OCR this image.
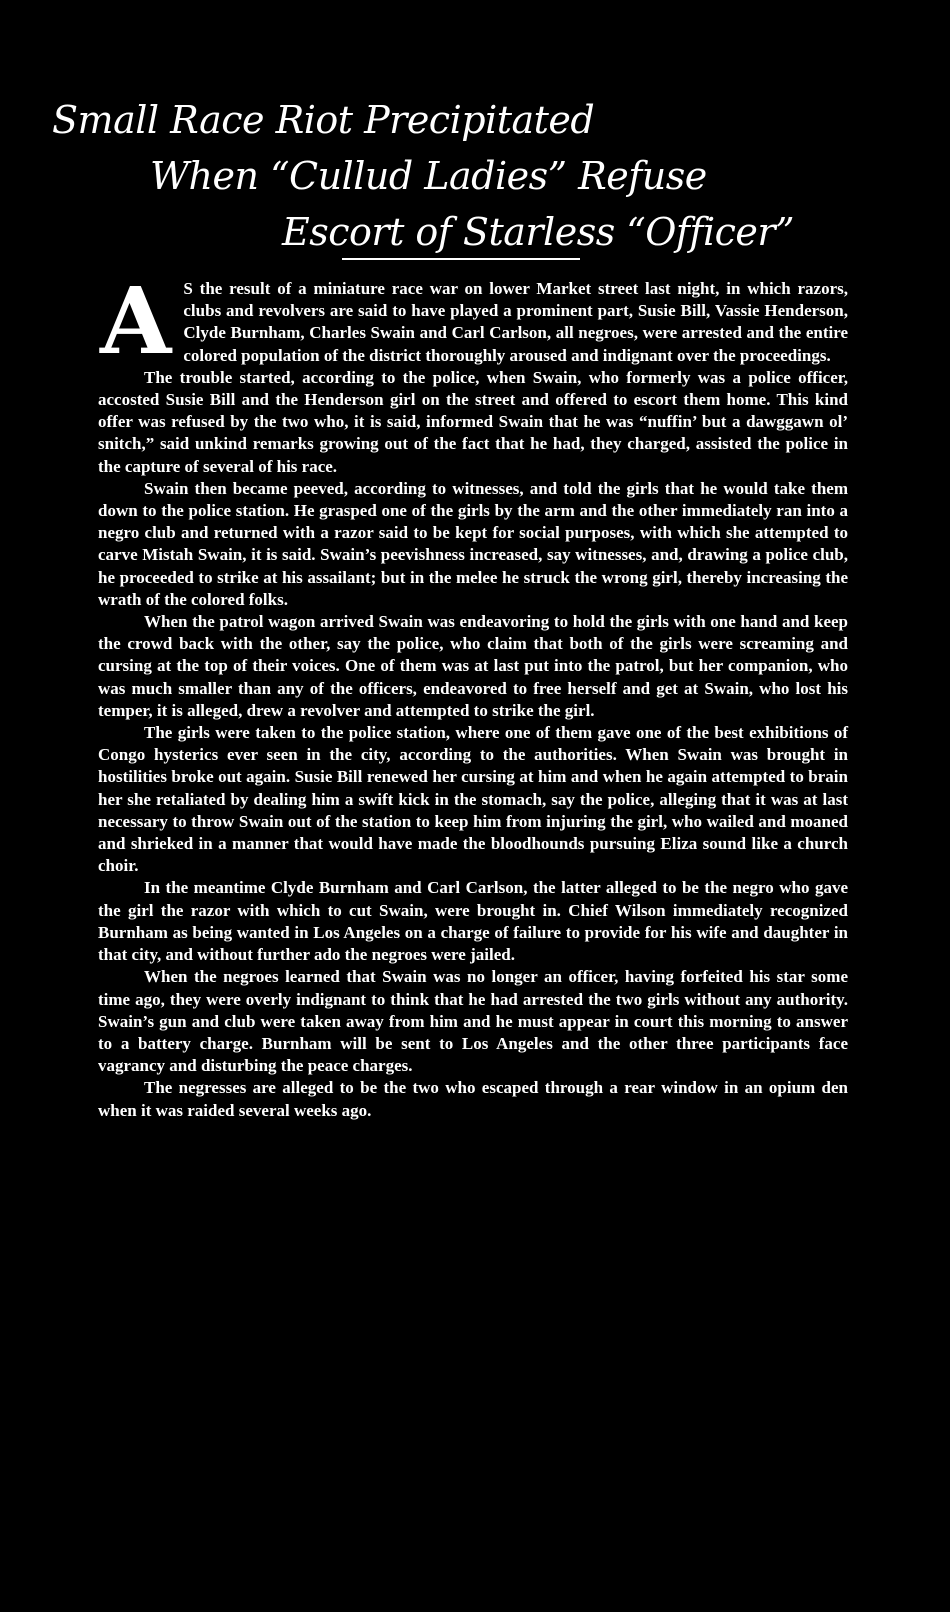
Small Race Riot Precipitated
When “Cullud Ladies” Refuse
Escort of Starless “Officer”
A S the result of a miniature race war on lower Market street last night, in which razors, clubs and revolvers are said to have played a prominent part, Susie Bill, Vassie Henderson, Clyde Burnham, Charles Swain and Carl Carlson, all negroes, were arrested and the entire colored population of the district thoroughly aroused and indignant over the proceedings.

The trouble started, according to the police, when Swain, who formerly was a police officer, accosted Susie Bill and the Henderson girl on the street and offered to escort them home. This kind offer was refused by the two who, it is said, informed Swain that he was “nuffin’ but a dawggawn ol’ snitch,” said unkind remarks growing out of the fact that he had, they charged, assisted the police in the capture of several of his race.

Swain then became peeved, according to witnesses, and told the girls that he would take them down to the police station. He grasped one of the girls by the arm and the other immediately ran into a negro club and returned with a razor said to be kept for social purposes, with which she attempted to carve Mistah Swain, it is said. Swain’s peevishness increased, say witnesses, and, drawing a police club, he proceeded to strike at his assailant; but in the melee he struck the wrong girl, thereby increasing the wrath of the colored folks.

When the patrol wagon arrived Swain was endeavoring to hold the girls with one hand and keep the crowd back with the other, say the police, who claim that both of the girls were screaming and cursing at the top of their voices. One of them was at last put into the patrol, but her companion, who was much smaller than any of the officers, endeavored to free herself and get at Swain, who lost his temper, it is alleged, drew a revolver and attempted to strike the girl.

The girls were taken to the police station, where one of them gave one of the best exhibitions of Congo hysterics ever seen in the city, according to the authorities. When Swain was brought in hostilities broke out again. Susie Bill renewed her cursing at him and when he again attempted to brain her she retaliated by dealing him a swift kick in the stomach, say the police, alleging that it was at last necessary to throw Swain out of the station to keep him from injuring the girl, who wailed and moaned and shrieked in a manner that would have made the bloodhounds pursuing Eliza sound like a church choir.

In the meantime Clyde Burnham and Carl Carlson, the latter alleged to be the negro who gave the girl the razor with which to cut Swain, were brought in. Chief Wilson immediately recognized Burnham as being wanted in Los Angeles on a charge of failure to provide for his wife and daughter in that city, and without further ado the negroes were jailed.

When the negroes learned that Swain was no longer an officer, having forfeited his star some time ago, they were overly indignant to think that he had arrested the two girls without any authority. Swain’s gun and club were taken away from him and he must appear in court this morning to answer to a battery charge. Burnham will be sent to Los Angeles and the other three participants face vagrancy and disturbing the peace charges.

The negresses are alleged to be the two who escaped through a rear window in an opium den when it was raided several weeks ago.
